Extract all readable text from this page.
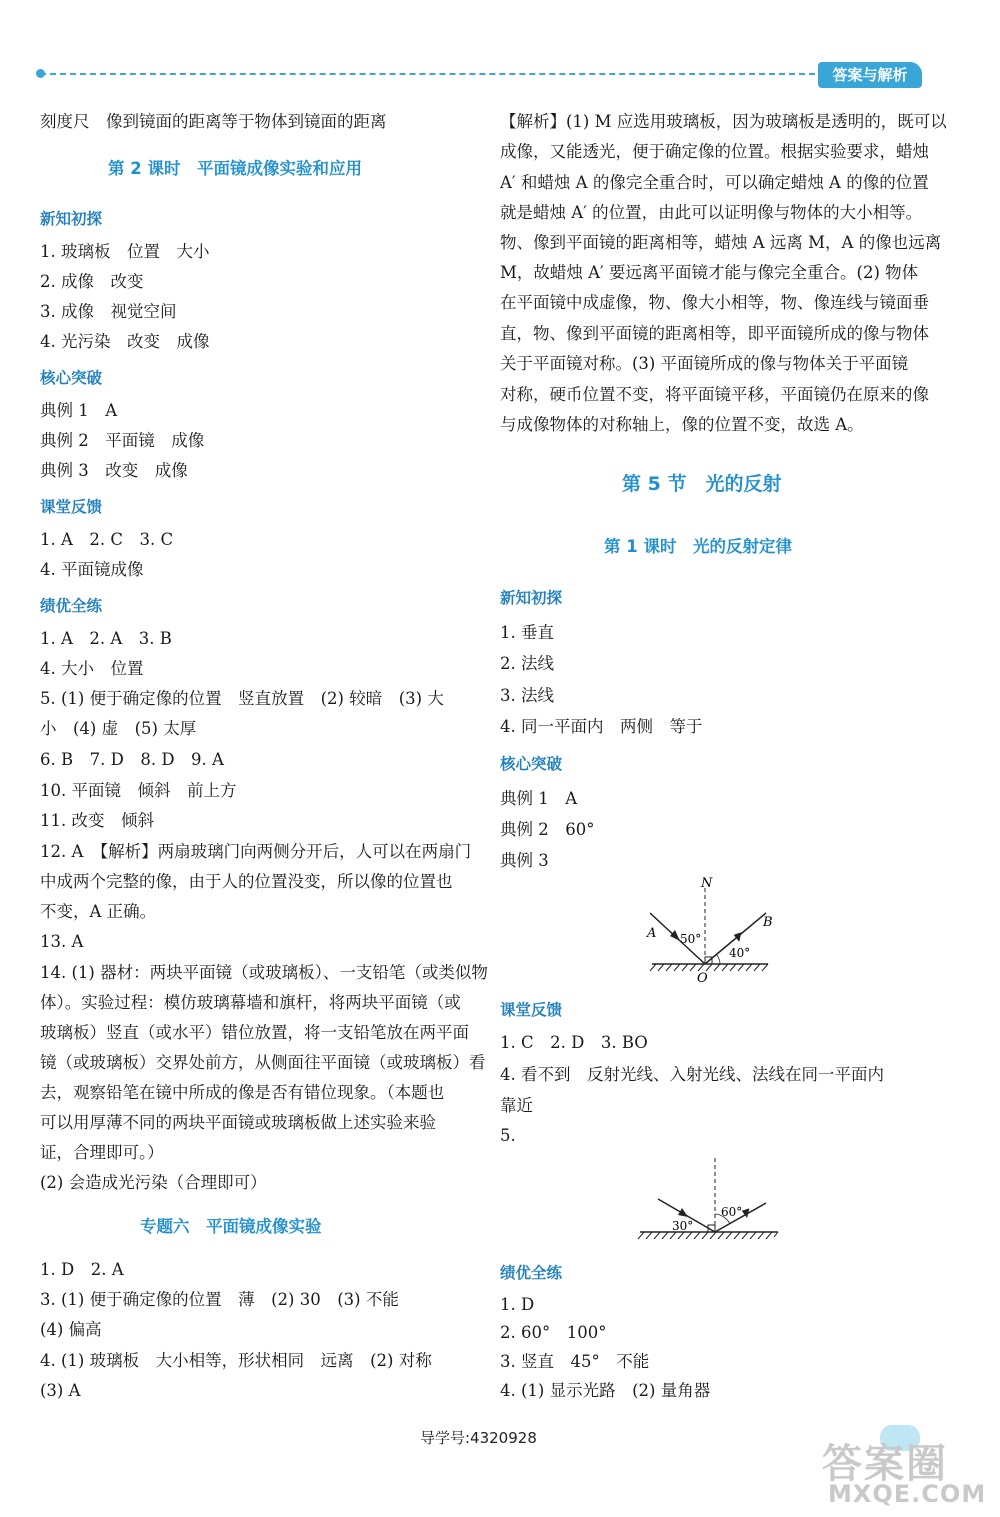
答案与解析
刻度尺　像到镜面的距离等于物体到镜面的距离
第 2 课时　平面镜成像实验和应用
新知初探
1. 玻璃板　位置　大小
2. 成像　改变
3. 成像　视觉空间
4. 光污染　改变　成像
核心突破
典例 1　A
典例 2　平面镜　成像
典例 3　改变　成像
课堂反馈
1. A　2. C　3. C
4. 平面镜成像
绩优全练
1. A　2. A　3. B
4. 大小　位置
5. (1) 便于确定像的位置　竖直放置　(2) 较暗　(3) 大
小　(4) 虚　(5) 太厚
6. B　7. D　8. D　9. A
10. 平面镜　倾斜　前上方
11. 改变　倾斜
12. A　【解析】两扇玻璃门向两侧分开后，人可以在两扇门
中成两个完整的像，由于人的位置没变，所以像的位置也
不变，A 正确。
13. A
14. (1) 器材：两块平面镜（或玻璃板）、一支铅笔（或类似物
体）。实验过程：模仿玻璃幕墙和旗杆，将两块平面镜（或
玻璃板）竖直（或水平）错位放置，将一支铅笔放在两平面
镜（或玻璃板）交界处前方，从侧面往平面镜（或玻璃板）看
去，观察铅笔在镜中所成的像是否有错位现象。（本题也
可以用厚薄不同的两块平面镜或玻璃板做上述实验来验
证，合理即可。）
(2) 会造成光污染（合理即可）
专题六　平面镜成像实验
1. D　2. A
3. (1) 便于确定像的位置　薄　(2) 30　(3) 不能
(4) 偏高
4. (1) 玻璃板　大小相等，形状相同　远离　(2) 对称
(3) A
【解析】(1) M 应选用玻璃板，因为玻璃板是透明的，既可以
成像，又能透光，便于确定像的位置。根据实验要求，蜡烛
A′ 和蜡烛 A 的像完全重合时，可以确定蜡烛 A 的像的位置
就是蜡烛 A′ 的位置，由此可以证明像与物体的大小相等。
物、像到平面镜的距离相等，蜡烛 A 远离 M，A 的像也远离
M，故蜡烛 A′ 要远离平面镜才能与像完全重合。(2) 物体
在平面镜中成虚像，物、像大小相等，物、像连线与镜面垂
直，物、像到平面镜的距离相等，即平面镜所成的像与物体
关于平面镜对称。(3) 平面镜所成的像与物体关于平面镜
对称，硬币位置不变，将平面镜平移，平面镜仍在原来的像
与成像物体的对称轴上，像的位置不变，故选 A。
第 5 节　光的反射
第 1 课时　光的反射定律
新知初探
1. 垂直
2. 法线
3. 法线
4. 同一平面内　两侧　等于
核心突破
典例 1　A
典例 2　60°
典例 3
N
A
B
O
50°
40°
课堂反馈
1. C　2. D　3. BO
4. 看不到　反射光线、入射光线、法线在同一平面内
靠近
5.
30°
60°
绩优全练
1. D
2. 60°　100°
3. 竖直　45°　不能
4. (1) 显示光路　(2) 量角器
导学号:4320928
答案圈
MXQE.COM
